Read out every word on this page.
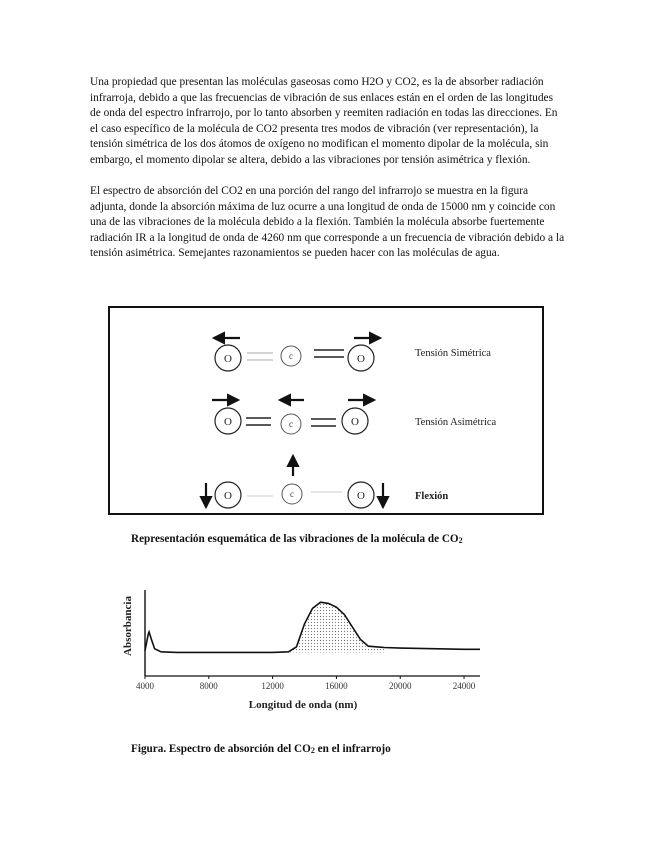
Una propiedad que presentan las moléculas gaseosas como H2O y CO2, es la de absorber radiación infrarroja, debido a que las frecuencias de vibración de sus enlaces están en el orden de las longitudes de onda del espectro infrarrojo, por lo tanto absorben y reemiten radiación en todas las direcciones. En el caso específico de la molécula de CO2 presenta tres modos de vibración (ver representación), la tensión simétrica de los dos átomos de oxígeno no modifican el momento dipolar de la molécula, sin embargo, el momento dipolar se altera, debido a las vibraciones por tensión asimétrica y flexión.

El espectro de absorción del CO2 en una porción del rango del infrarrojo se muestra en la figura adjunta, donde la absorción máxima de luz ocurre a una longitud de onda de 15000 nm y coincide con una de las vibraciones de la molécula debido a la flexión. También la molécula absorbe fuertemente radiación IR a la longitud de onda de 4260 nm que corresponde a un frecuencia de vibración debido a la tensión asimétrica. Semejantes razonamientos se pueden hacer con las moléculas de agua.

O	c	O	Tensión Simétrica
O	c	O	Tensión Asimétrica
O	c	O	Flexión
Representación esquemática de las vibraciones de la molécula de $CO_2$
Absorbancia
4000	8000	12000	16000	20000	24000
Longitud de onda (nm)
Figura. Espectro de absorción del $CO_2$ en el infrarrojo
